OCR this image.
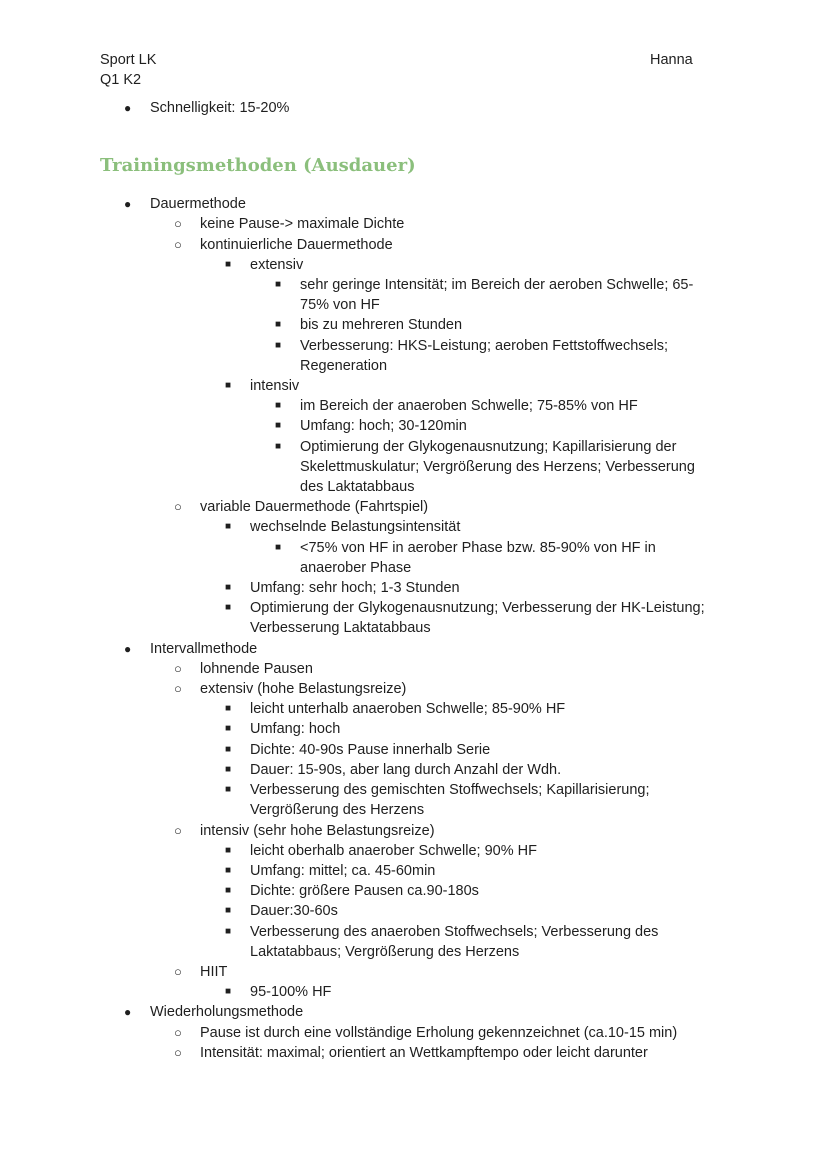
Sport LK
Q1 K2
Hanna
● Schnelligkeit: 15-20%
Trainingsmethoden (Ausdauer)
● Dauermethode
○ keine Pause-> maximale Dichte
○ kontinuierliche Dauermethode
■ extensiv
■ sehr geringe Intensität; im Bereich der aeroben Schwelle; 65-75% von HF
■ bis zu mehreren Stunden
■ Verbesserung: HKS-Leistung; aeroben Fettstoffwechsels; Regeneration
■ intensiv
■ im Bereich der anaeroben Schwelle; 75-85% von HF
■ Umfang: hoch; 30-120min
■ Optimierung der Glykogenausnutzung; Kapillarisierung der Skelettmuskulatur; Vergrößerung des Herzens; Verbesserung des Laktatabbaus
○ variable Dauermethode (Fahrtspiel)
■ wechselnde Belastungsintensität
■ <75% von HF in aerober Phase bzw. 85-90% von HF in anaerober Phase
■ Umfang: sehr hoch; 1-3 Stunden
■ Optimierung der Glykogenausnutzung; Verbesserung der HK-Leistung; Verbesserung Laktatabbaus
● Intervallmethode
○ lohnende Pausen
○ extensiv (hohe Belastungsreize)
■ leicht unterhalb anaeroben Schwelle; 85-90% HF
■ Umfang: hoch
■ Dichte: 40-90s Pause innerhalb Serie
■ Dauer: 15-90s, aber lang durch Anzahl der Wdh.
■ Verbesserung des gemischten Stoffwechsels; Kapillarisierung; Vergrößerung des Herzens
○ intensiv (sehr hohe Belastungsreize)
■ leicht oberhalb anaerober Schwelle; 90% HF
■ Umfang: mittel; ca. 45-60min
■ Dichte: größere Pausen ca.90-180s
■ Dauer:30-60s
■ Verbesserung des anaeroben Stoffwechsels; Verbesserung des Laktatabbaus; Vergrößerung des Herzens
○ HIIT
■ 95-100% HF
● Wiederholungsmethode
○ Pause ist durch eine vollständige Erholung gekennzeichnet (ca.10-15 min)
○ Intensität: maximal; orientiert an Wettkampftempo oder leicht darunter
